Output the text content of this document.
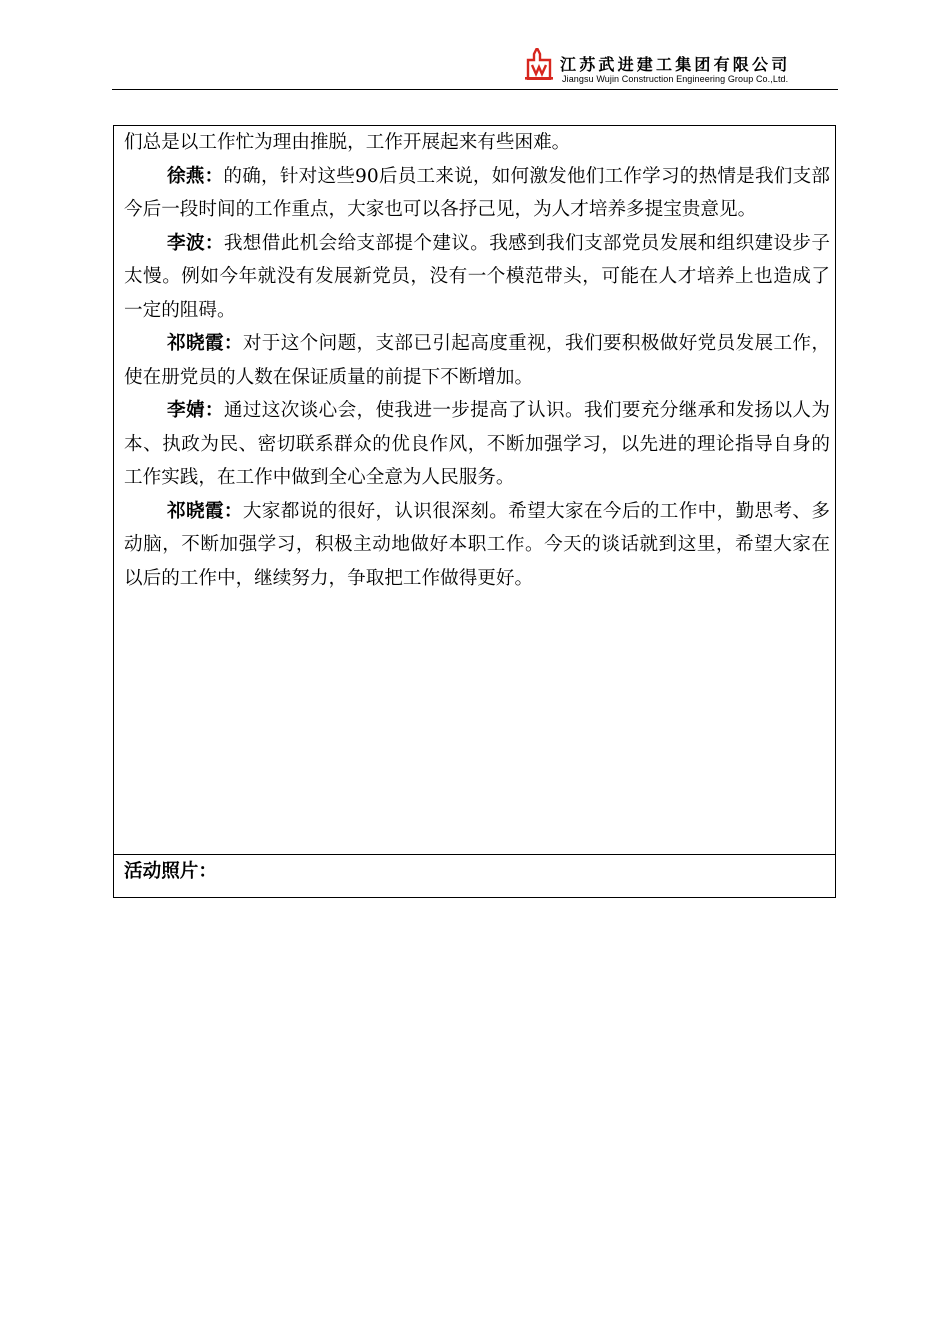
江苏武进建工集团有限公司
Jiangsu Wujin Construction Engineering Group Co.,Ltd.

们总是以工作忙为理由推脱，工作开展起来有些困难。

徐燕：的确，针对这些90后员工来说，如何激发他们工作学习的热情是我们支部今后一段时间的工作重点，大家也可以各抒己见，为人才培养多提宝贵意见。

李波：我想借此机会给支部提个建议。我感到我们支部党员发展和组织建设步子太慢。例如今年就没有发展新党员，没有一个模范带头，可能在人才培养上也造成了一定的阻碍。

祁晓霞：对于这个问题，支部已引起高度重视，我们要积极做好党员发展工作，使在册党员的人数在保证质量的前提下不断增加。

李婧：通过这次谈心会，使我进一步提高了认识。我们要充分继承和发扬以人为本、执政为民、密切联系群众的优良作风，不断加强学习，以先进的理论指导自身的工作实践，在工作中做到全心全意为人民服务。

祁晓霞：大家都说的很好，认识很深刻。希望大家在今后的工作中，勤思考、多动脑，不断加强学习，积极主动地做好本职工作。今天的谈话就到这里，希望大家在以后的工作中，继续努力，争取把工作做得更好。

活动照片：
